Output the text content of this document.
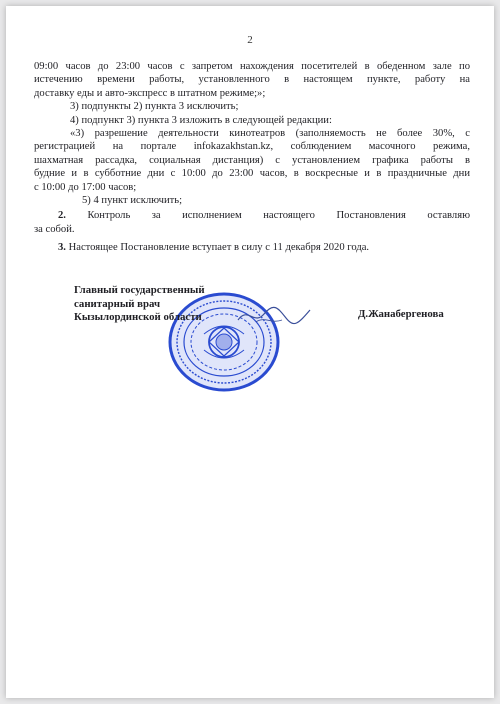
2
09:00 часов до 23:00 часов с запретом нахождения посетителей в обеденном зале по
истечению времени работы, установленного в настоящем пункте, работу на
доставку еды и авто-экспресс в штатном режиме;»;
3) подпункты 2) пункта 3 исключить;
4) подпункт 3) пункта 3 изложить в следующей редакции:
«3) разрешение деятельности кинотеатров (заполняемость не более 30%, с
регистрацией на портале infokazakhstan.kz, соблюдением масочного режима,
шахматная рассадка, социальная дистанция) с установлением графика работы в
будние и в субботние дни с 10:00 до 23:00 часов, в воскресные и в праздничные дни
с 10:00 до 17:00 часов;
5) 4 пункт исключить;
2. Контроль за исполнением настоящего Постановления оставляю
за собой.
3. Настоящее Постановление вступает в силу с 11 декабря 2020 года.
Главный государственный
санитарный врач
Кызылординской области	Д.Жанабергенова
